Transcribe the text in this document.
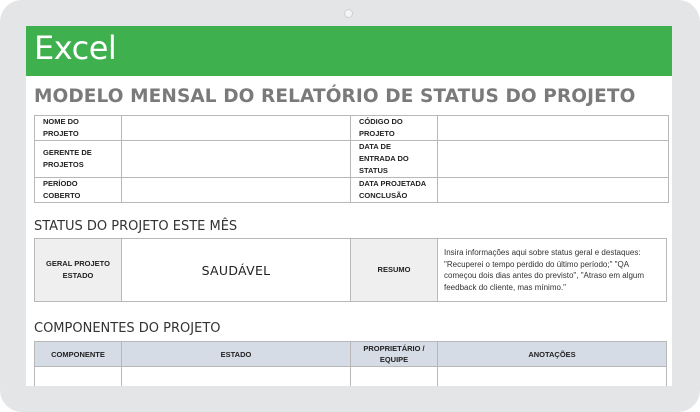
Excel
MODELO MENSAL DO RELATÓRIO DE STATUS DO PROJETO
NOME DO PROJETO		CÓDIGO DO PROJETO	
GERENTE DE PROJETOS		DATA DE ENTRADA DO STATUS	
PERÍODO COBERTO		DATA PROJETADA CONCLUSÃO	
STATUS DO PROJETO ESTE MÊS
GERAL PROJETO ESTADO	SAUDÁVEL	RESUMO	Insira informações aqui sobre status geral e destaques: "Recuperei o tempo perdido do último período;" "QA começou dois dias antes do previsto", "Atraso em algum feedback do cliente, mas mínimo."
COMPONENTES DO PROJETO
COMPONENTE	ESTADO	PROPRIETÁRIO / EQUIPE	ANOTAÇÕES
